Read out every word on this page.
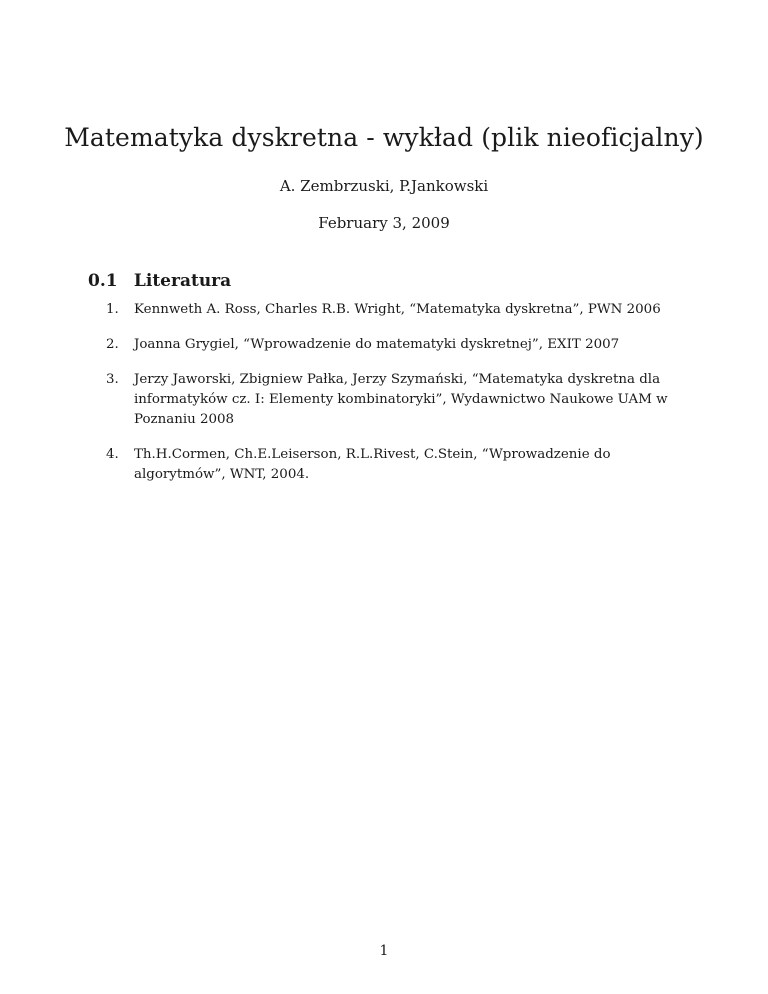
Matematyka dyskretna - wykład (plik nieoficjalny)
A. Zembrzuski, P.Jankowski
February 3, 2009
0.1 Literatura
1. Kennweth A. Ross, Charles R.B. Wright, “Matematyka dyskretna”, PWN 2006
2. Joanna Grygiel, “Wprowadzenie do matematyki dyskretnej”, EXIT 2007
3. Jerzy Jaworski, Zbigniew Pałka, Jerzy Szymański, “Matematyka dyskretna dla informatyków cz. I: Elementy kombinatoryki”, Wydawnictwo Naukowe UAM w Poznaniu 2008
4. Th.H.Cormen, Ch.E.Leiserson, R.L.Rivest, C.Stein, “Wprowadzenie do algorytmów”, WNT, 2004.
1
